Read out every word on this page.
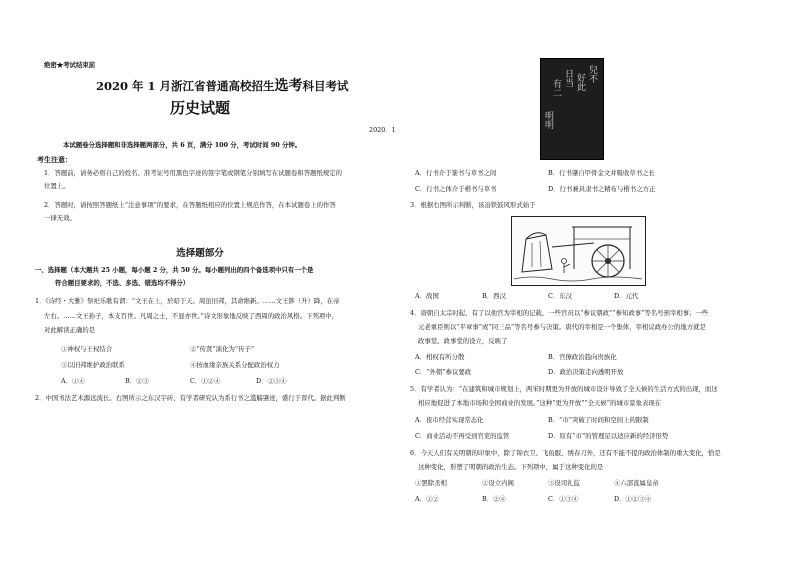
绝密★考试结束前
2020 年 1 月浙江省普通高校招生选考科目考试
历史试题
2020．1
本试题卷分选择题和非选择题两部分，共 6 页，满分 100 分，考试时间 90 分钟。
考生注意：
1．答题前，请务必将自己的姓名、准考证号用黑色字迹的签字笔或钢笔分别填写在试题卷和答题纸规定的
位置上。
2．答题时，请按照答题纸上“注意事项”的要求，在答题纸相应的位置上规范作答，在本试题卷上的作答
一律无效。
选择题部分
一、选择题（本大题共 25 小题，每小题 2 分，共 50 分。每小题列出的四个备选项中只有一个是
符合题目要求的，不选、多选、错选均不得分）
1．《诗经・大雅》祭祀乐歌有谓：“文王在上，於昭于天。周虽旧邦，其命维新。……文王陟（升）降，在帝
左右。……文王孙子，本支百世。凡周之士，不显亦世。”诗文形象地反映了西周的政治风格。下列项中，
对此解读正确的是
①神权与王权结合	②“传贤”演化为“传子”
③以旧邦维护政治联系	④按血缘亲族关系分配政治权力
A．①④	B．②③	C．①②④	D．②③④
2．中国书法艺术源远流长。右图所示之东汉字砖，有学者研究认为系行书之滥觞肇迹，盛行于晋代。据此判断
兒不
好此
日当
有二
明明
A．行书介于篆书与草书之间	B．行书肇自甲骨金文并吸收草书之长
C．行书之体介于楷书与草书	D．行书兼具隶书之精布与楷书之方正
3．根据右图所示判断，该冶铁鼓风形式始于
A．战国	B．西汉	C．东汉	D．元代
4．唐朝自太宗时起，有了以他官为宰相的记载，一些官员以“参议朝政”“参知政事”等名号预宰相事；一些
元老重臣则以“平章事”或“同三品”等名号参与决策。唐代的宰相是一个集体，宰相议政办公的地方就是
政事堂。政事堂的设立，反映了
A．相权有所分散	B．官僚政治趋向贵族化
C．“外朝”参议要政	D．政治决策走向透明开放
5．有学者认为：“在建筑和城市规划上，两宋时期更为开放的城市设计导致了全天候的生活方式的出现，而这
相应地促进了本地市场和全国商业的发展。”这种“更为开放”“全天候”的城市景象表现在
A．夜市经营实现常态化	B．“市”突破了时间和空间上的限制
C．商业活动不再受到官吏的监管	D．原有“市”的管理足以适应新的经济形势
6．今天人们有关明朝的印象中，除了锦衣卫、飞鱼服、绣春刀外，还有不能不提的政治体制的重大变化，恰是
这种变化，形塑了明朝的政治生态。下列项中，属于这种变化的是
①罢除丞相	②设立内阁	③设司礼监	④六部直属皇帝
A．①②	B．②④	C．①③④	D．①②③④
